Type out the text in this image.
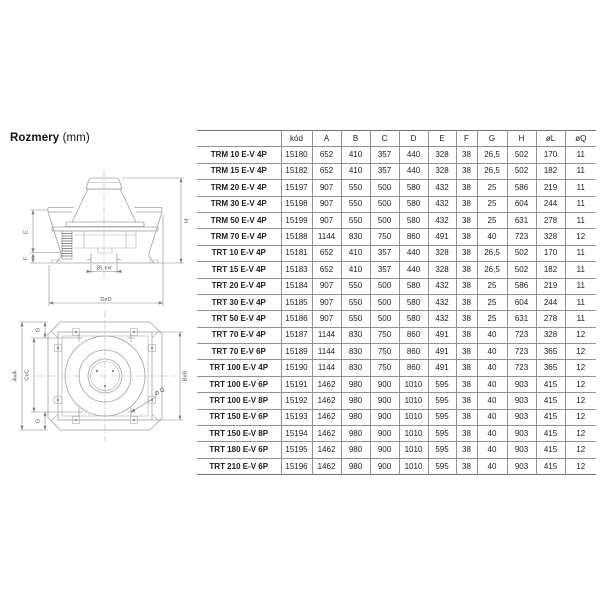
Rozmery (mm)
E
F
H
ØL ext
DxD
AxA CxC
G
G
BxB
Ø Q
	kód	A	B	C	D	E	F	G	H	øL	øQ
TRM 10 E-V 4P	15180	652	410	357	440	328	38	26,5	502	170	11
TRM 15 E-V 4P	15182	652	410	357	440	328	38	26,5	502	182	11
TRM 20 E-V 4P	15197	907	550	500	580	432	38	25	586	219	11
TRM 30 E-V 4P	15198	907	550	500	580	432	38	25	604	244	11
TRM 50 E-V 4P	15199	907	550	500	580	432	38	25	631	278	11
TRM 70 E-V 4P	15188	1144	830	750	860	491	38	40	723	328	12
TRT 10 E-V 4P	15181	652	410	357	440	328	38	26,5	502	170	11
TRT 15 E-V 4P	15183	652	410	357	440	328	38	26,5	502	182	11
TRT 20 E-V 4P	15184	907	550	500	580	432	38	25	586	219	11
TRT 30 E-V 4P	15185	907	550	500	580	432	38	25	604	244	11
TRT 50 E-V 4P	15186	907	550	500	580	432	38	25	631	278	11
TRT 70 E-V 4P	15187	1144	830	750	860	491	38	40	723	328	12
TRT 70 E-V 6P	15189	1144	830	750	860	491	38	40	723	365	12
TRT 100 E-V 4P	15190	1144	830	750	860	491	38	40	723	365	12
TRT 100 E-V 6P	15191	1462	980	900	1010	595	38	40	903	415	12
TRT 100 E-V 8P	15192	1462	980	900	1010	595	38	40	903	415	12
TRT 150 E-V 6P	15193	1462	980	900	1010	595	38	40	903	415	12
TRT 150 E-V 8P	15194	1462	980	900	1010	595	38	40	903	415	12
TRT 180 E-V 6P	15195	1462	980	900	1010	595	38	40	903	415	12
TRT 210 E-V 6P	15196	1462	980	900	1010	595	38	40	903	415	12
